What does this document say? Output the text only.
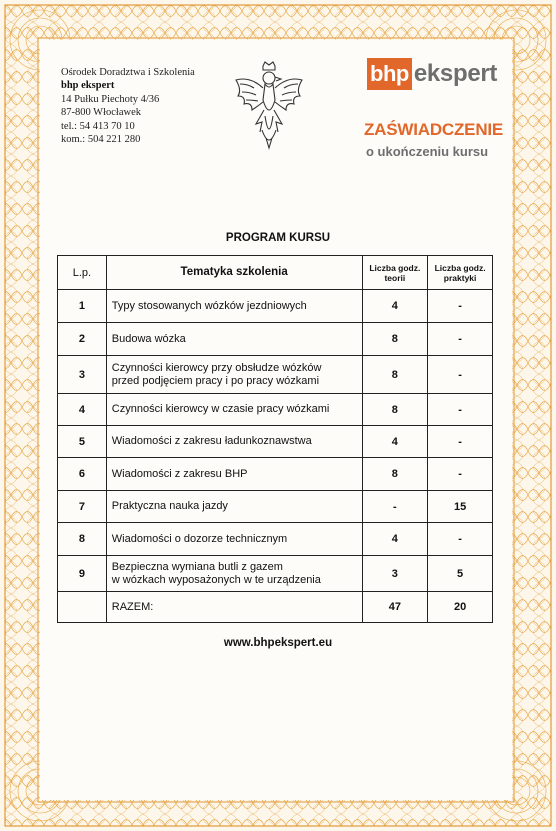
Ośrodek Doradztwa i Szkolenia
bhp ekspert
14 Pułku Piechoty 4/36
87-800 Włocławek
tel.: 54 413 70 10
kom.: 504 221 280
bhp ekspert
ZAŚWIADCZENIE
o ukończeniu kursu
PROGRAM KURSU
L.p.	Tematyka szkolenia	Liczba godz. teorii	Liczba godz. praktyki
1	Typy stosowanych wózków jezdniowych	4	-
2	Budowa wózka	8	-
3	Czynności kierowcy przy obsłudze wózków
przed podjęciem pracy i po pracy wózkami	8	-
4	Czynności kierowcy w czasie pracy wózkami	8	-
5	Wiadomości z zakresu ładunkoznawstwa	4	-
6	Wiadomości z zakresu BHP	8	-
7	Praktyczna nauka jazdy	-	15
8	Wiadomości o dozorze technicznym	4	-
9	Bezpieczna wymiana butli z gazem
w wózkach wyposażonych w te urządzenia	3	5
	RAZEM:	47	20
www.bhpekspert.eu
